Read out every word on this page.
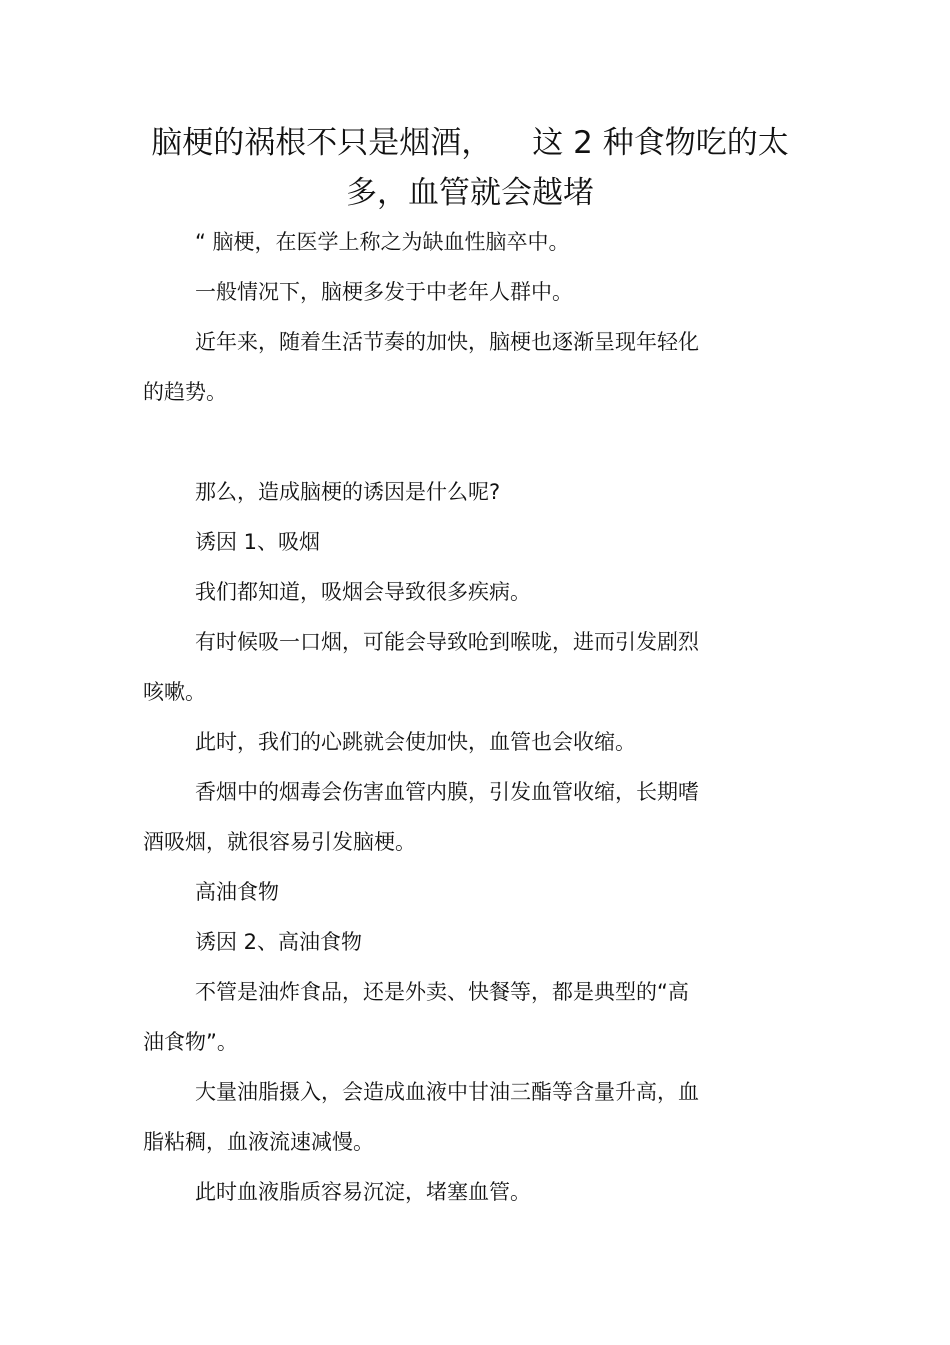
脑梗的祸根不只是烟酒， 这 2 种食物吃的太
多，血管就会越堵
“ 脑梗，在医学上称之为缺血性脑卒中。
一般情况下，脑梗多发于中老年人群中。
近年来，随着生活节奏的加快，脑梗也逐渐呈现年轻化
的趋势。
那么，造成脑梗的诱因是什么呢?
诱因 1、吸烟
我们都知道，吸烟会导致很多疾病。
有时候吸一口烟，可能会导致呛到喉咙，进而引发剧烈
咳嗽。
此时，我们的心跳就会使加快，血管也会收缩。
香烟中的烟毒会伤害血管内膜，引发血管收缩，长期嗜
酒吸烟，就很容易引发脑梗。
高油食物
诱因 2、高油食物
不管是油炸食品，还是外卖、快餐等，都是典型的“高
油食物”。
大量油脂摄入，会造成血液中甘油三酯等含量升高，血
脂粘稠，血液流速减慢。
此时血液脂质容易沉淀，堵塞血管。
